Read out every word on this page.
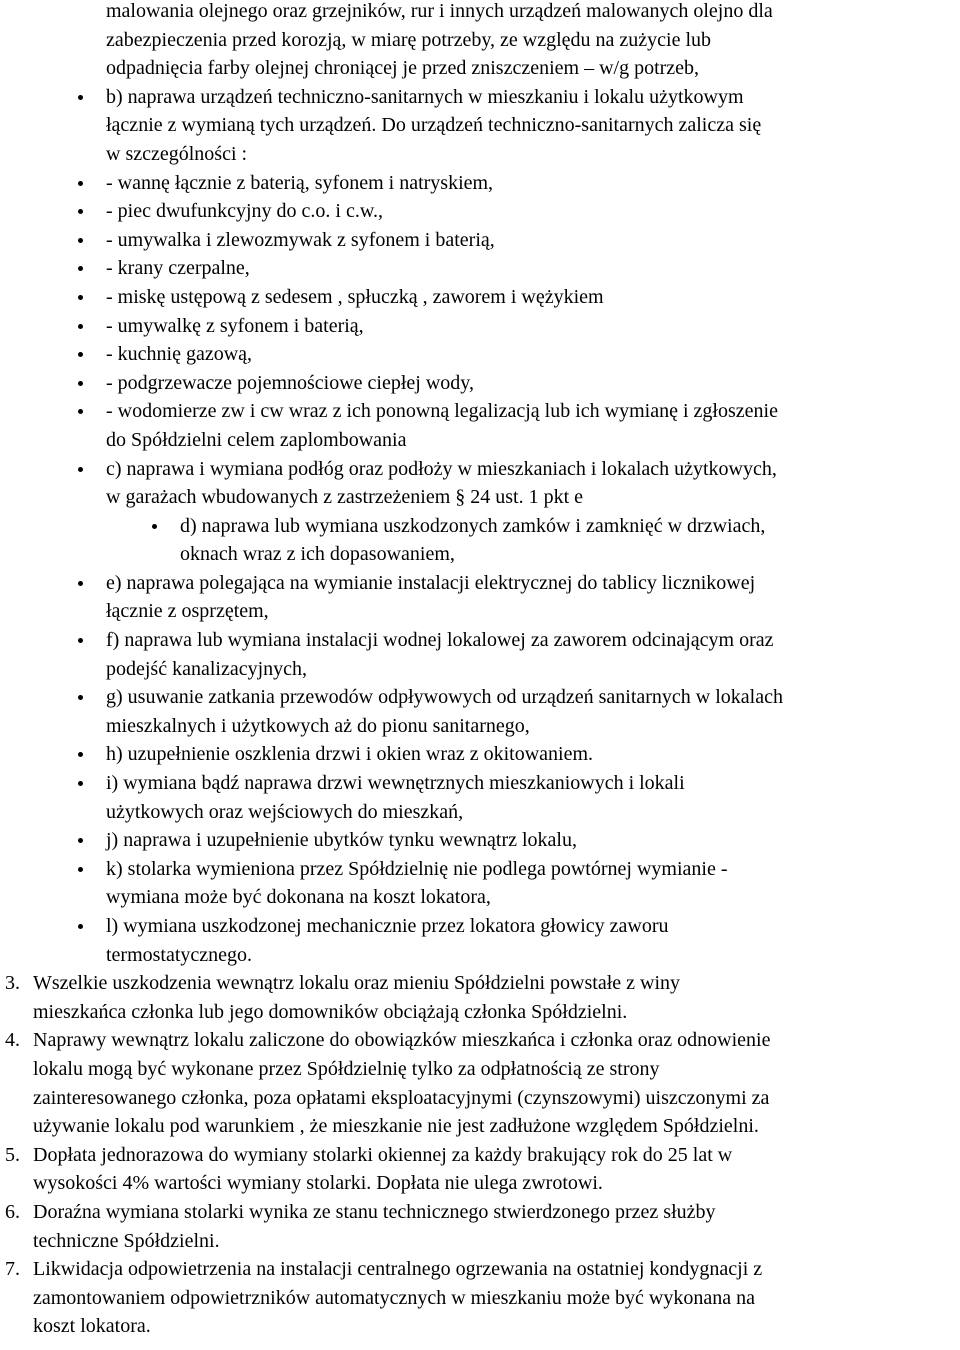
malowania olejnego oraz grzejników, rur i innych urządzeń malowanych olejno dla
zabezpieczenia przed korozją, w miarę potrzeby, ze względu na zużycie lub
odpadnięcia farby olejnej chroniącej je przed zniszczeniem – w/g potrzeb,
b) naprawa urządzeń techniczno-sanitarnych w mieszkaniu i lokalu użytkowym
łącznie z wymianą tych urządzeń. Do urządzeń techniczno-sanitarnych zalicza się
w szczególności :
- wannę łącznie z baterią, syfonem i natryskiem,
- piec dwufunkcyjny do c.o. i c.w.,
- umywalka i zlewozmywak z syfonem i baterią,
- krany czerpalne,
- miskę ustępową z sedesem , spłuczką , zaworem i wężykiem
- umywalkę z syfonem i baterią,
- kuchnię gazową,
- podgrzewacze pojemnościowe ciepłej wody,
- wodomierze zw i cw wraz z ich ponowną legalizacją lub ich wymianę i zgłoszenie
do Spółdzielni celem zaplombowania
c) naprawa i wymiana podłóg oraz podłoży w mieszkaniach i lokalach użytkowych,
w garażach wbudowanych z zastrzeżeniem § 24 ust. 1 pkt e
d) naprawa lub wymiana uszkodzonych zamków i zamknięć w drzwiach,
oknach wraz z ich dopasowaniem,
e) naprawa polegająca na wymianie instalacji elektrycznej do tablicy licznikowej
łącznie z osprzętem,
f) naprawa lub wymiana instalacji wodnej lokalowej za zaworem odcinającym oraz
podejść kanalizacyjnych,
g) usuwanie zatkania przewodów odpływowych od urządzeń sanitarnych w lokalach
mieszkalnych i użytkowych aż do pionu sanitarnego,
h) uzupełnienie oszklenia drzwi i okien wraz z okitowaniem.
i) wymiana bądź naprawa drzwi wewnętrznych mieszkaniowych i lokali
użytkowych oraz wejściowych do mieszkań,
j) naprawa i uzupełnienie ubytków tynku wewnątrz lokalu,
k) stolarka wymieniona przez Spółdzielnię nie podlega powtórnej wymianie -
wymiana może być dokonana na koszt lokatora,
l) wymiana uszkodzonej mechanicznie przez lokatora głowicy zaworu
termostatycznego.
3. Wszelkie uszkodzenia wewnątrz lokalu oraz mieniu Spółdzielni powstałe z winy
mieszkańca członka lub jego domowników obciążają członka Spółdzielni.
4. Naprawy wewnątrz lokalu zaliczone do obowiązków mieszkańca i członka oraz odnowienie
lokalu mogą być wykonane przez Spółdzielnię tylko za odpłatnością ze strony
zainteresowanego członka, poza opłatami eksploatacyjnymi (czynszowymi) uiszczonymi za
używanie lokalu pod warunkiem , że mieszkanie nie jest zadłużone względem Spółdzielni.
5. Dopłata jednorazowa do wymiany stolarki okiennej za każdy brakujący rok do 25 lat w
wysokości 4% wartości wymiany stolarki. Dopłata nie ulega zwrotowi.
6. Doraźna wymiana stolarki wynika ze stanu technicznego stwierdzonego przez służby
techniczne Spółdzielni.
7. Likwidacja odpowietrzenia na instalacji centralnego ogrzewania na ostatniej kondygnacji z
zamontowaniem odpowietrzników automatycznych w mieszkaniu może być wykonana na
koszt lokatora.
